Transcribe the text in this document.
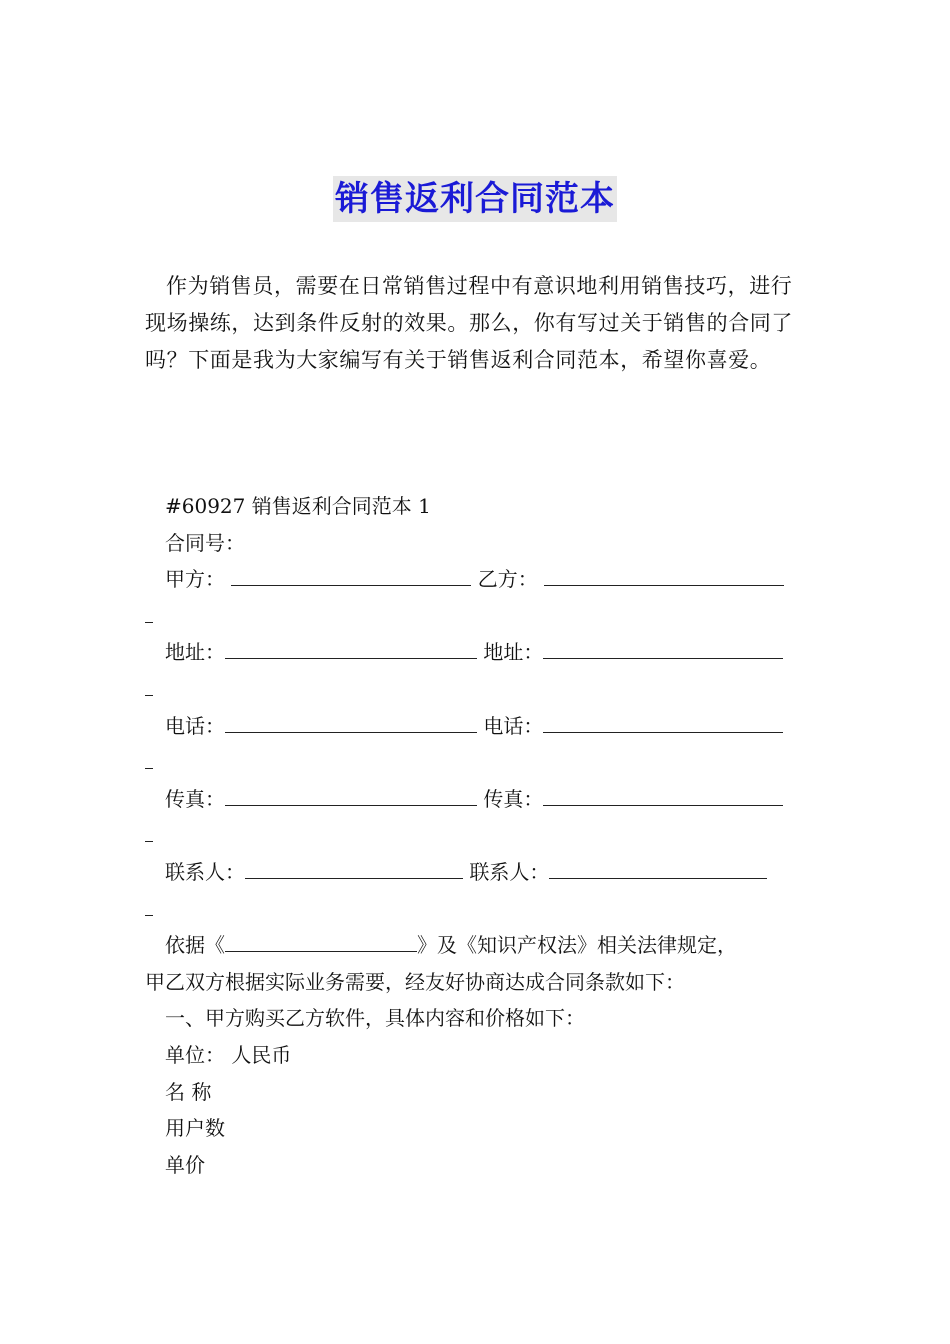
销售返利合同范本

作为销售员，需要在日常销售过程中有意识地利用销售技巧，进行现场操练，达到条件反射的效果。那么，你有写过关于销售的合同了吗？下面是我为大家编写有关于销售返利合同范本，希望你喜爱。

#60927 销售返利合同范本 1
合同号：
甲方：	乙方：
地址：	地址：
电话：	电话：
传真：	传真：
联系人：	联系人：
依据《	》及《知识产权法》相关法律规定，
甲乙双方根据实际业务需要，经友好协商达成合同条款如下：
一、甲方购买乙方软件，具体内容和价格如下：
单位： 人民币
名 称
用户数
单价
